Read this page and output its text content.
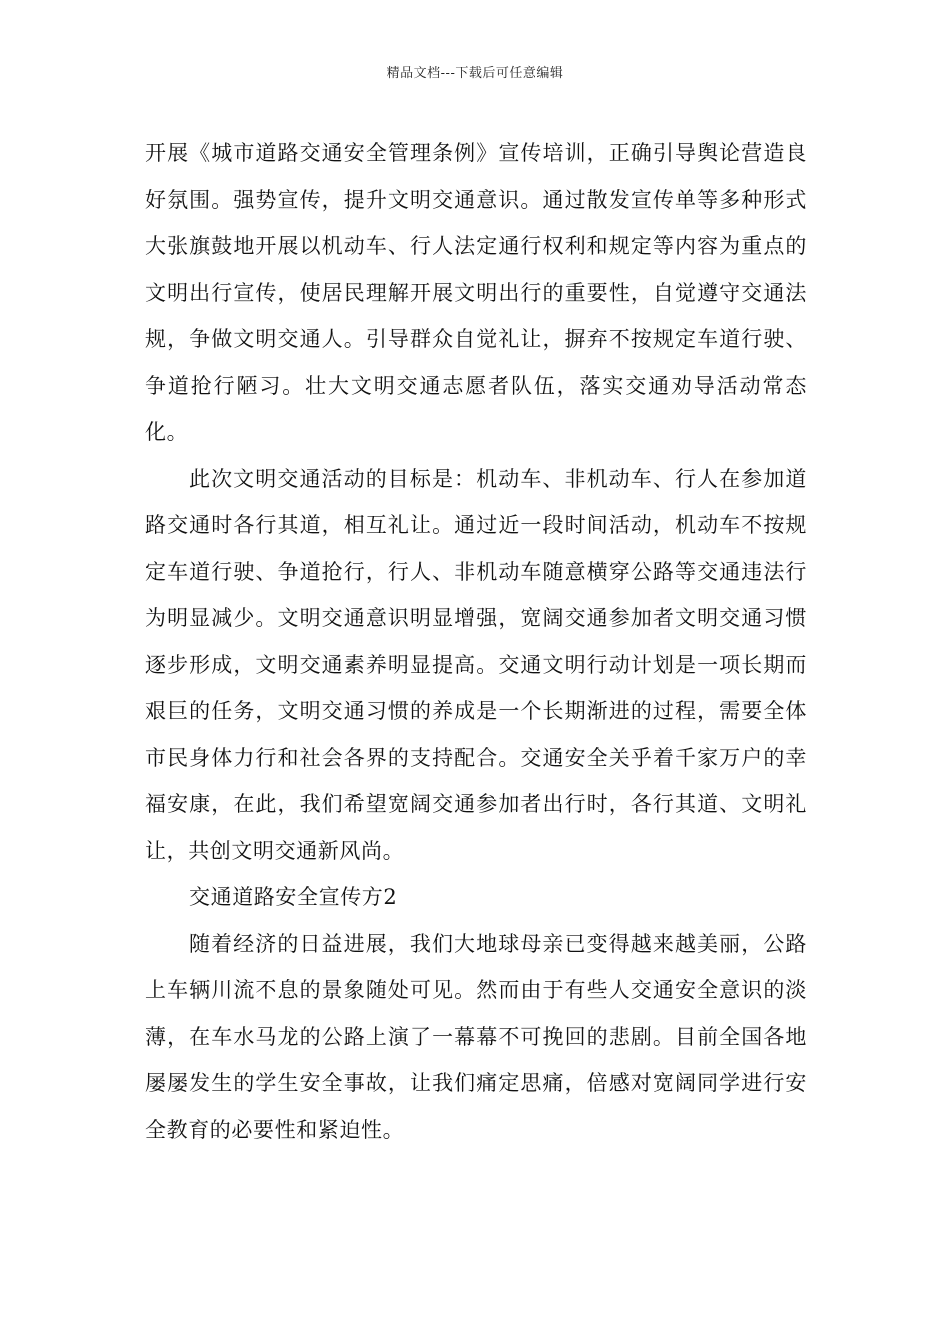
精品文档---下载后可任意编辑

开展《城市道路交通安全管理条例》宣传培训，正确引导舆论营造良好氛围。强势宣传，提升文明交通意识。通过散发宣传单等多种形式大张旗鼓地开展以机动车、行人法定通行权利和规定等内容为重点的文明出行宣传，使居民理解开展文明出行的重要性，自觉遵守交通法规，争做文明交通人。引导群众自觉礼让，摒弃不按规定车道行驶、争道抢行陋习。壮大文明交通志愿者队伍，落实交通劝导活动常态化。

此次文明交通活动的目标是：机动车、非机动车、行人在参加道路交通时各行其道，相互礼让。通过近一段时间活动，机动车不按规定车道行驶、争道抢行，行人、非机动车随意横穿公路等交通违法行为明显减少。文明交通意识明显增强，宽阔交通参加者文明交通习惯逐步形成，文明交通素养明显提高。交通文明行动计划是一项长期而艰巨的任务，文明交通习惯的养成是一个长期渐进的过程，需要全体市民身体力行和社会各界的支持配合。交通安全关乎着千家万户的幸福安康，在此，我们希望宽阔交通参加者出行时，各行其道、文明礼让，共创文明交通新风尚。

交通道路安全宣传方2

随着经济的日益进展，我们大地球母亲已变得越来越美丽，公路上车辆川流不息的景象随处可见。然而由于有些人交通安全意识的淡薄，在车水马龙的公路上演了一幕幕不可挽回的悲剧。目前全国各地屡屡发生的学生安全事故，让我们痛定思痛，倍感对宽阔同学进行安全教育的必要性和紧迫性。
